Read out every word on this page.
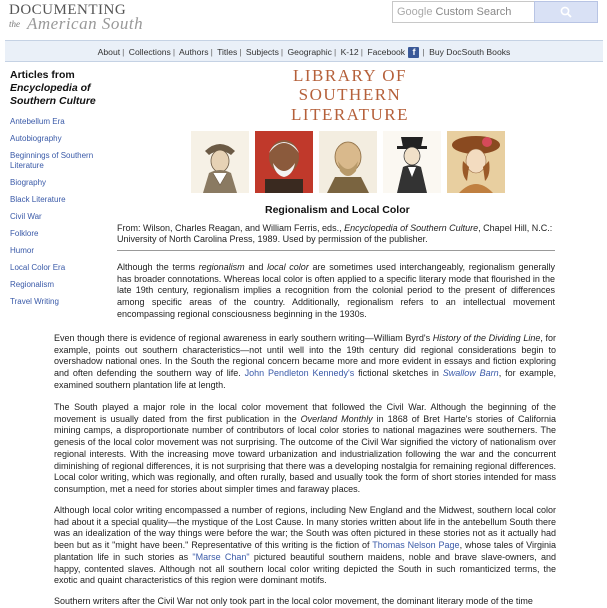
DOCUMENTING
the American South
Google Custom Search
About | Collections | Authors | Titles | Subjects | Geographic | K-12 | Facebook f | Buy DocSouth Books
Articles from
Encyclopedia of Southern Culture
Antebellum Era
Autobiography
Beginnings of Southern Literature
Biography
Black Literature
Civil War
Folklore
Humor
Local Color Era
Regionalism
Travel Writing
LIBRARY OF
SOUTHERN LITERATURE
Regionalism and Local Color
From: Wilson, Charles Reagan, and William Ferris, eds., Encyclopedia of Southern Culture, Chapel Hill, N.C.: University of North Carolina Press, 1989. Used by permission of the publisher.
Although the terms regionalism and local color are sometimes used interchangeably, regionalism generally has broader connotations. Whereas local color is often applied to a specific literary mode that flourished in the late 19th century, regionalism implies a recognition from the colonial period to the present of differences among specific areas of the country. Additionally, regionalism refers to an intellectual movement encompassing regional consciousness beginning in the 1930s.

Even though there is evidence of regional awareness in early southern writing—William Byrd's History of the Dividing Line, for example, points out southern characteristics—not until well into the 19th century did regional considerations begin to overshadow national ones. In the South the regional concern became more and more evident in essays and fiction exploring and often defending the southern way of life. John Pendleton Kennedy's fictional sketches in Swallow Barn, for example, examined southern plantation life at length.

The South played a major role in the local color movement that followed the Civil War. Although the beginning of the movement is usually dated from the first publication in the Overland Monthly in 1868 of Bret Harte's stories of California mining camps, a disproportionate number of contributors of local color stories to national magazines were southerners. The genesis of the local color movement was not surprising. The outcome of the Civil War signified the victory of nationalism over regional interests. With the increasing move toward urbanization and industrialization following the war and the concurrent diminishing of regional differences, it is not surprising that there was a developing nostalgia for remaining regional differences. Local color writing, which was regionally, and often rurally, based and usually took the form of short stories intended for mass consumption, met a need for stories about simpler times and faraway places.

Although local color writing encompassed a number of regions, including New England and the Midwest, southern local color had about it a special quality—the mystique of the Lost Cause. In many stories written about life in the antebellum South there was an idealization of the way things were before the war; the South was often pictured in these stories not as it actually had been but as it "might have been." Representative of this writing is the fiction of Thomas Nelson Page, whose tales of Virginia plantation life in such stories as "Marse Chan" pictured beautiful southern maidens, noble and brave slave-owners, and happy, contented slaves. Although not all southern local color writing depicted the South in such romanticized terms, the exotic and quaint characteristics of this region were dominant motifs.

Southern writers after the Civil War not only took part in the local color movement, the dominant literary mode of the time
